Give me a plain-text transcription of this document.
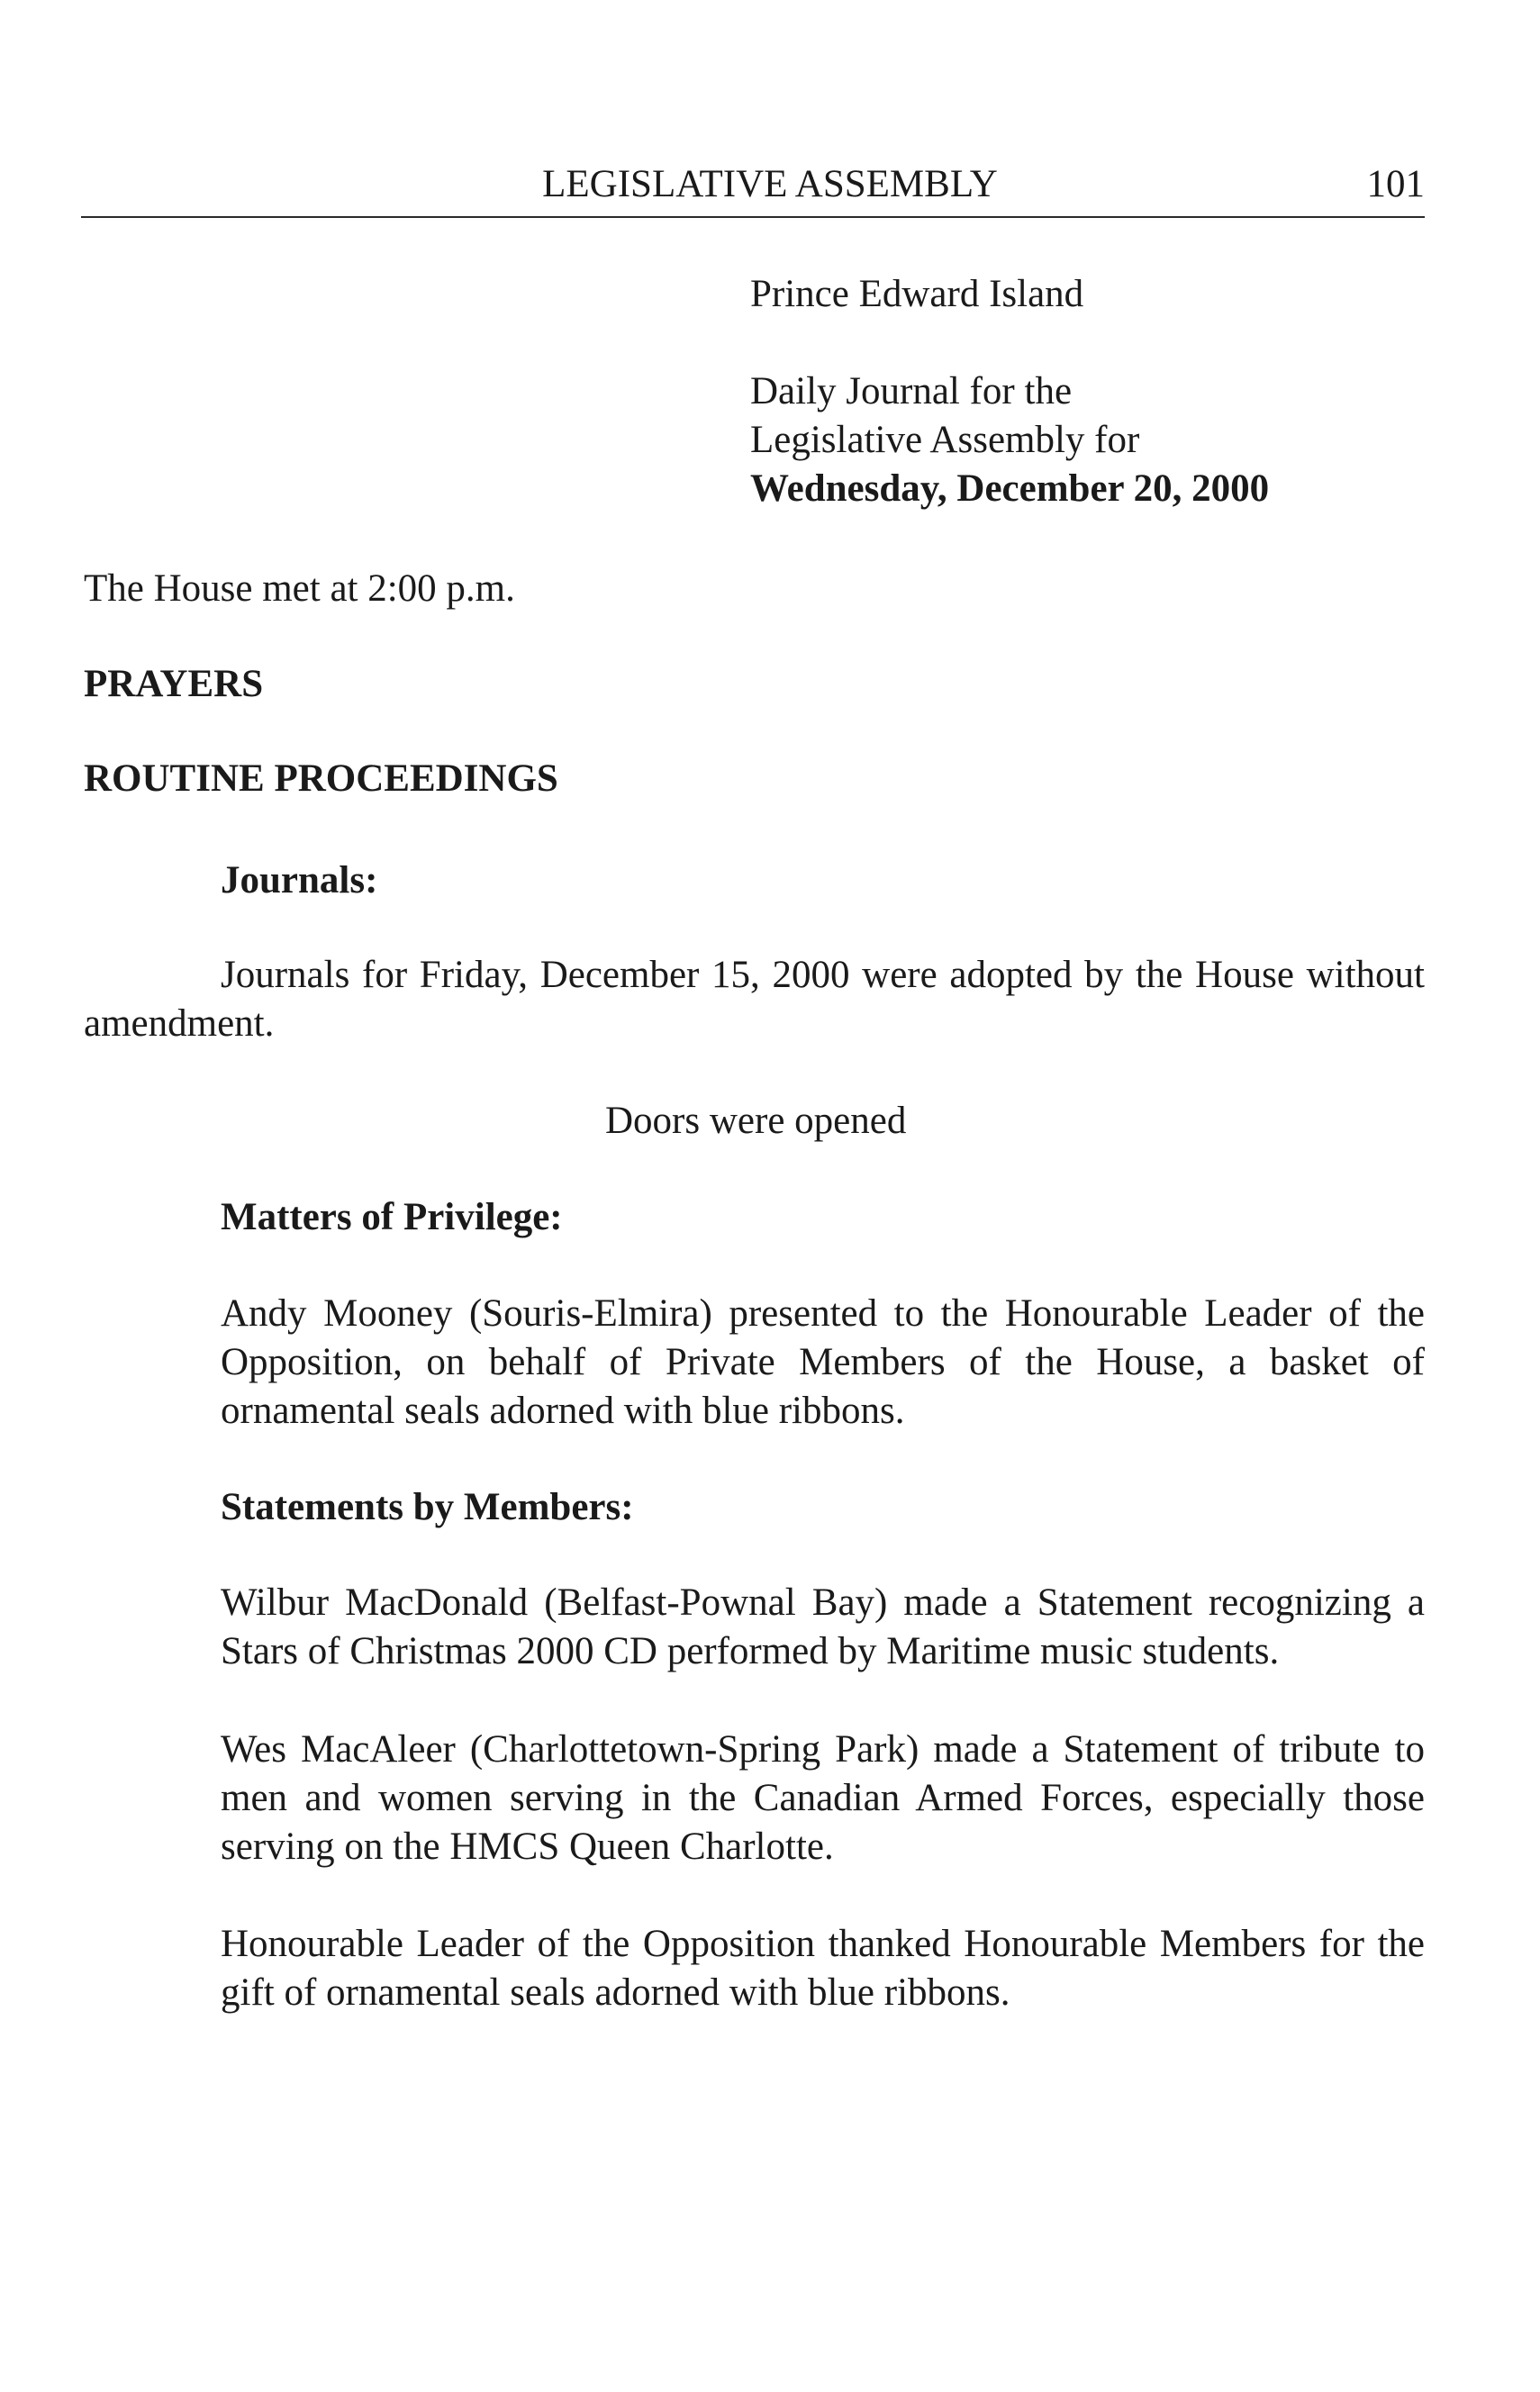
LEGISLATIVE ASSEMBLY	101

Prince Edward Island

Daily Journal for the

Legislative Assembly for

Wednesday, December 20, 2000

The House met at 2:00 p.m.

PRAYERS

ROUTINE PROCEEDINGS

Journals:

Journals for Friday, December 15, 2000 were adopted by the House without

amendment.

Doors were opened

Matters of Privilege:

Andy Mooney (Souris-Elmira) presented to the Honourable Leader of the Opposition, on behalf of Private Members of the House, a basket of ornamental seals adorned with blue ribbons.

Statements by Members:

Wilbur MacDonald (Belfast-Pownal Bay) made a Statement recognizing a Stars of Christmas 2000 CD performed by Maritime music students.

Wes MacAleer (Charlottetown-Spring Park) made a Statement of tribute to men and women serving in the Canadian Armed Forces, especially those serving on the HMCS Queen Charlotte.

Honourable Leader of the Opposition thanked Honourable Members for the gift of ornamental seals adorned with blue ribbons.
